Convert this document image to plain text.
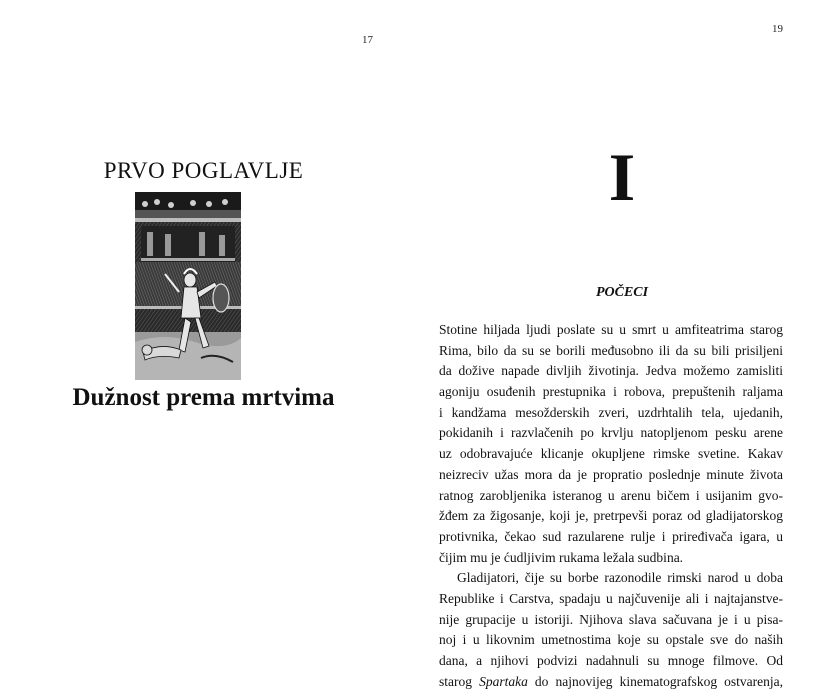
17
PRVO POGLAVLJE
Dužnost prema mrtvima
19
I
POČECI
Stotine hiljada ljudi poslate su u smrt u amfiteatrima starog
Rima, bilo da su se borili međusobno ili da su bili prisiljeni
da dožive napade divljih životinja. Jedva možemo zamisliti
agoniju osuđenih prestupnika i robova, prepuštenih raljama
i kandžama mesožderskih zveri, uzdrhtalih tela, ujedanih,
pokidanih i razvlačenih po krvlju natopljenom pesku arene
uz odobravajuće klicanje okupljene rimske svetine. Kakav
neizreciv užas mora da je propratio poslednje minute života
ratnog zarobljenika isteranog u arenu bičem i usijanim gvo-
žđem za žigosanje, koji je, pretrpevši poraz od gladijatorskog
protivnika, čekao sud razularene rulje i priređivača igara, u
čijim mu je ćudljivim rukama ležala sudbina.
Gladijatori, čije su borbe razonodile rimski narod u doba
Republike i Carstva, spadaju u najčuvenije ali i najtajanstve-
nije grupacije u istoriji. Njihova slava sačuvana je i u pisa-
noj i u likovnim umetnostima koje su opstale sve do naših
dana, a njihovi podvizi nadahnuli su mnoge filmove. Od
starog Spartaka do najnovijeg kinematografskog ostvarenja,
